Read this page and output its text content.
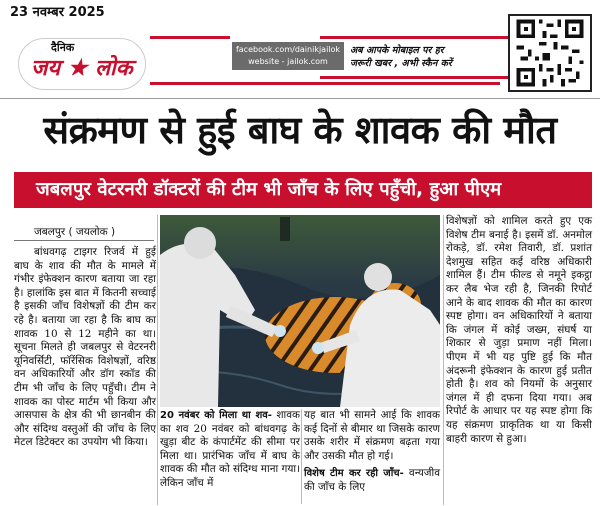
23 नवम्बर 2025
दैनिक
जय ★ लोक
facebook.com/dainikjailok
website - jailok.com
अब आपके मोबाइल पर हर
जरूरी खबर , अभी स्कैन करें
संक्रमण से हुई बाघ के शावक की मौत
जबलपुर वेटरनरी डॉक्टरों की टीम भी जाँच के लिए पहुँची, हुआ पीएम
जबलपुर ( जयलोक )
बांधवगढ़ टाइगर रिजर्व में हुई बाघ के शाव की मौत के मामले में गंभीर इंफेक्शन कारण बताया जा रहा है। हालांकि इस बात में कितनी सच्चाई है इसकी जाँच विशेषज्ञों की टीम कर रहे है। बताया जा रहा है कि बाघ का शावक 10 से 12 महीने का था। सूचना मिलते ही जबलपुर से वेटरनरी यूनिवर्सिटी, फॉरेंसिक विशेषज्ञों, वरिष्ठ वन अधिकारियों और डॉग स्कॉड की टीम भी जाँच के लिए पहुँची। टीम ने शावक का पोस्ट मार्टम भी किया और आसपास के क्षेत्र की भी छानबीन की और संदिग्ध वस्तुओं की जाँच के लिए मेटल डिटेक्टर का उपयोग भी किया।
20 नवंबर को मिला था शव- शावक का शव 20 नवंबर को बांधवगढ़ के खुड़ा बीट के कंपार्टमेंट की सीमा पर मिला था। प्रारंभिक जाँच में बाघ के शावक की मौत को संदिग्ध माना गया। लेकिन जाँच में
यह बात भी सामने आई कि शावक कई दिनों से बीमार था जिसके कारण उसके शरीर में संक्रमण बढ़ता गया और उसकी मौत हो गई।
विशेष टीम कर रही जाँच- वन्यजीव की जाँच के लिए
विशेषज्ञों को शामिल करते हुए एक विशेष टीम बनाई है। इसमें डॉ. अनमोल रोकड़े, डॉ. रमेश तिवारी, डॉ. प्रशांत देशमुख सहित कई वरिष्ठ अधिकारी शामिल हैं। टीम फील्ड से नमूने इकट्ठा कर लैब भेज रही है, जिनकी रिपोर्ट आने के बाद शावक की मौत का कारण स्पष्ट होगा। वन अधिकारियों ने बताया कि जंगल में कोई जख्म, संघर्ष या शिकार से जुड़ा प्रमाण नहीं मिला। पीएम में भी यह पुष्टि हुई कि मौत अंदरूनी इंफेक्शन के कारण हुई प्रतीत होती है। शव को नियमों के अनुसार जंगल में ही दफना दिया गया। अब रिपोर्ट के आधार पर यह स्पष्ट होगा कि यह संक्रमण प्राकृतिक था या किसी बाहरी कारण से हुआ।
